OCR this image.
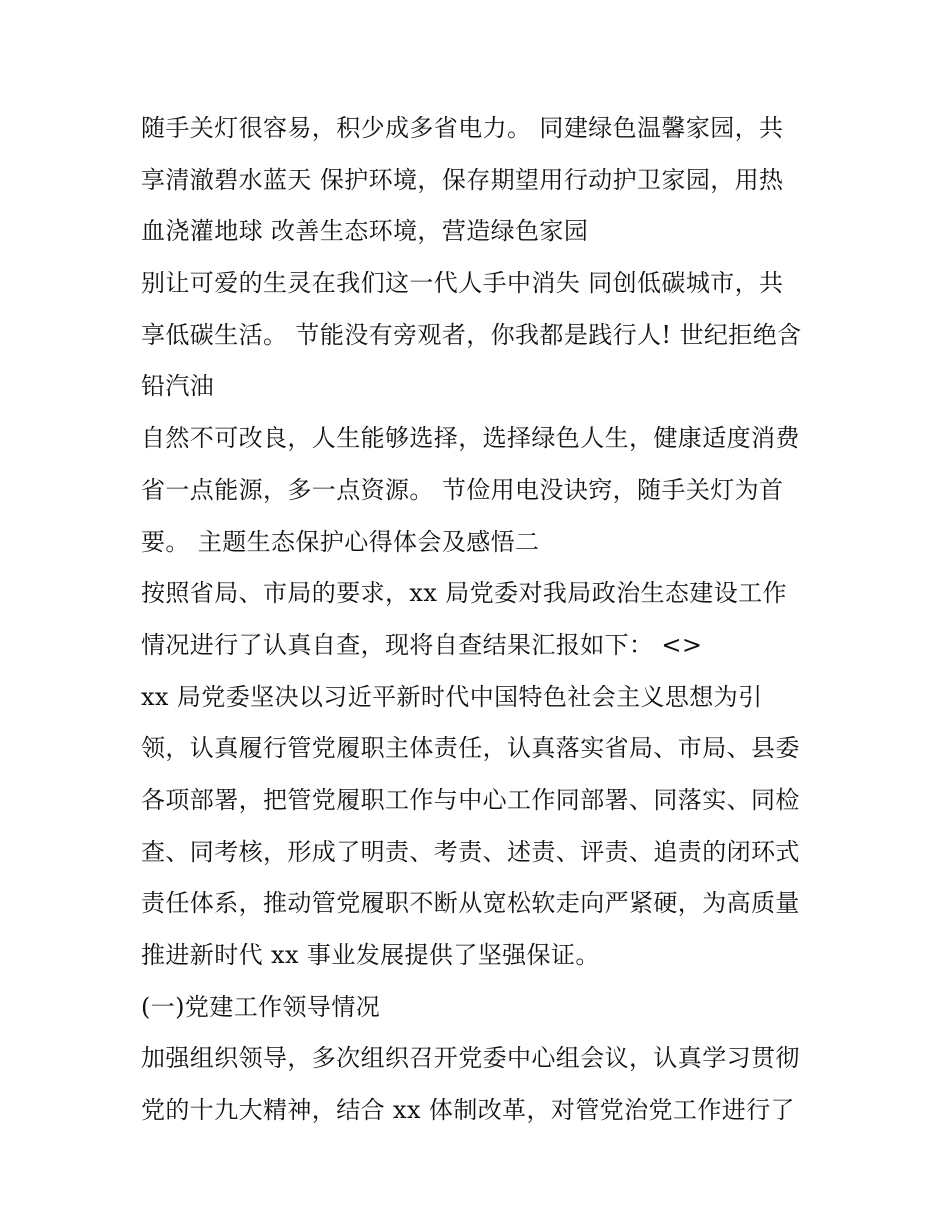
随手关灯很容易，积少成多省电力。 同建绿色温馨家园，共
享清澈碧水蓝天 保护环境，保存期望用行动护卫家园，用热
血浇灌地球 改善生态环境，营造绿色家园
别让可爱的生灵在我们这一代人手中消失 同创低碳城市，共
享低碳生活。 节能没有旁观者，你我都是践行人! 世纪拒绝含
铅汽油
自然不可改良，人生能够选择，选择绿色人生，健康适度消费
省一点能源，多一点资源。 节俭用电没诀窍，随手关灯为首
要。 主题生态保护心得体会及感悟二
按照省局、市局的要求，xx 局党委对我局政治生态建设工作
情况进行了认真自查，现将自查结果汇报如下： <>
xx 局党委坚决以习近平新时代中国特色社会主义思想为引
领，认真履行管党履职主体责任，认真落实省局、市局、县委
各项部署，把管党履职工作与中心工作同部署、同落实、同检
查、同考核，形成了明责、考责、述责、评责、追责的闭环式
责任体系，推动管党履职不断从宽松软走向严紧硬，为高质量
推进新时代 xx 事业发展提供了坚强保证。
(一)党建工作领导情况
加强组织领导，多次组织召开党委中心组会议，认真学习贯彻
党的十九大精神，结合 xx 体制改革，对管党治党工作进行了
